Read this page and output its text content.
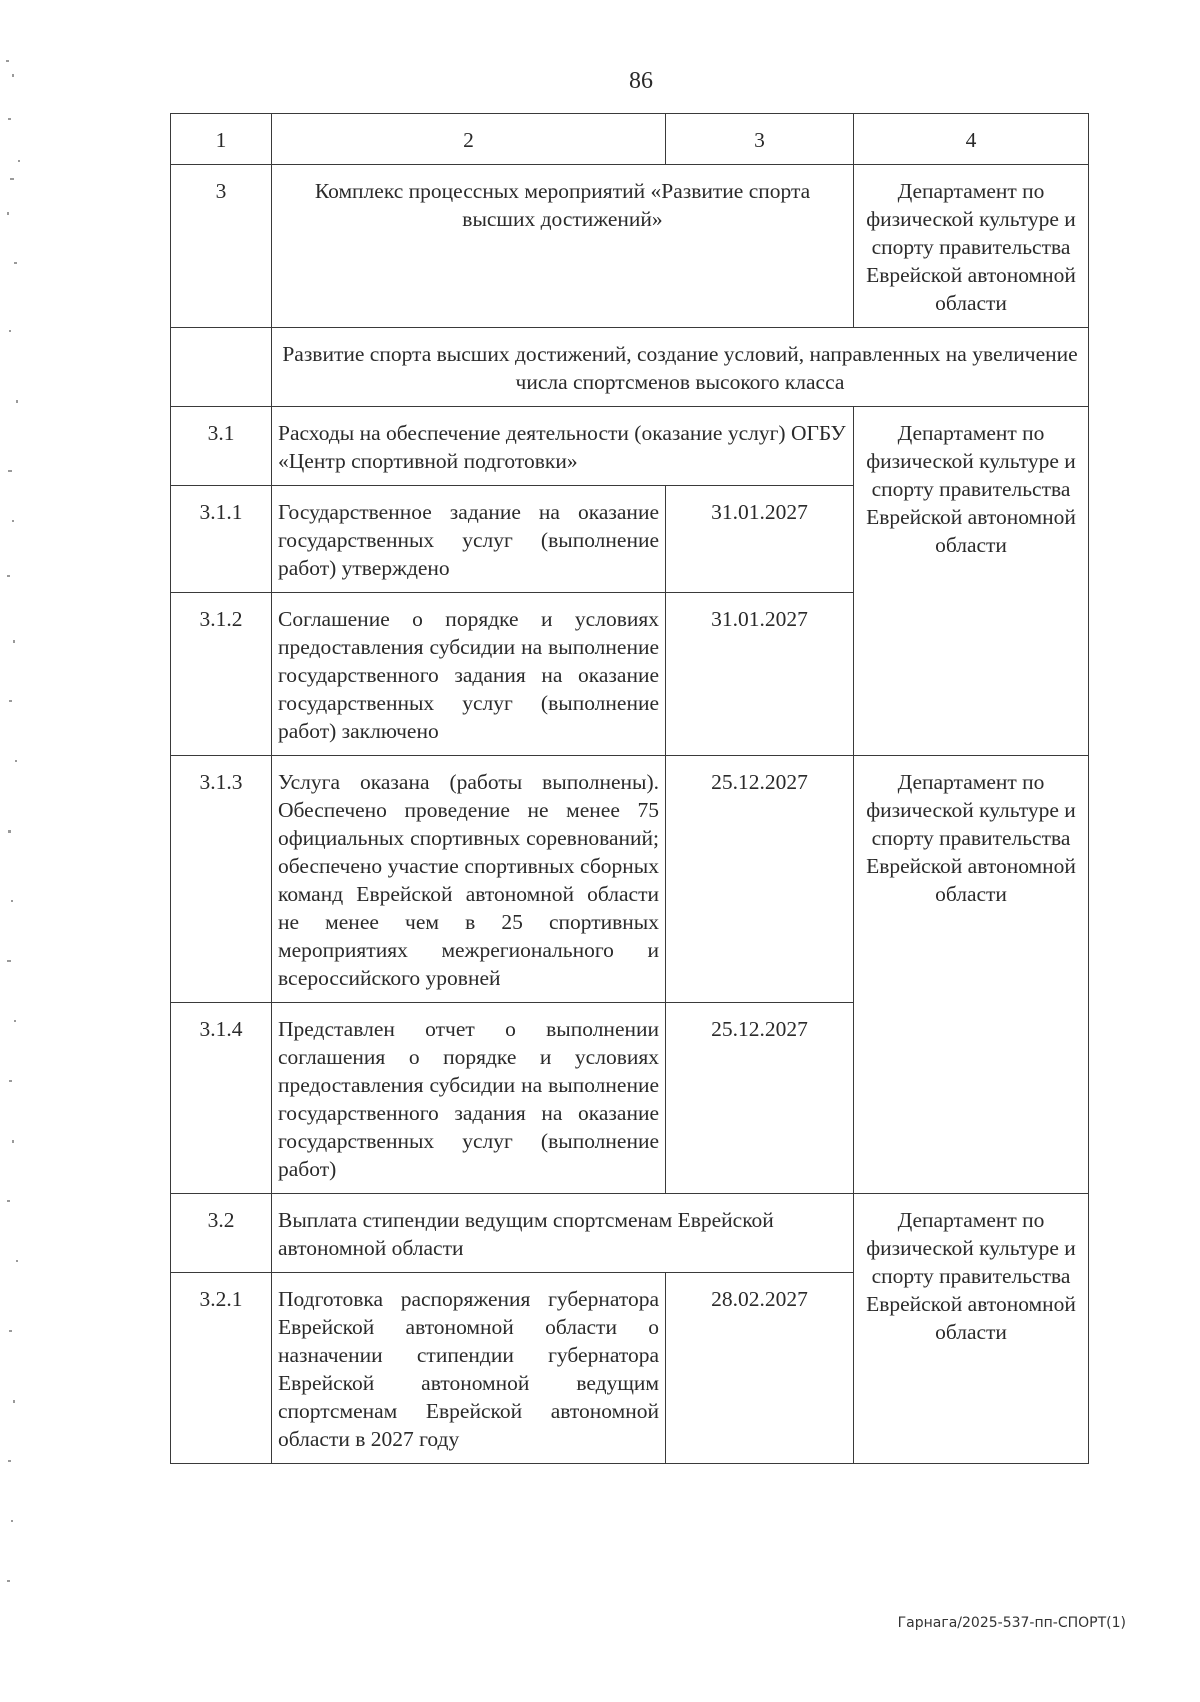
86
1	2	3	4
3	Комплекс процессных мероприятий «Развитие спорта высших достижений»		Департамент по физической культуре и спорту правительства Еврейской автономной области
	Развитие спорта высших достижений, создание условий, направленных на увеличение числа спортсменов высокого класса		
3.1	Расходы на обеспечение деятельности (оказание услуг) ОГБУ «Центр спортивной подготовки»		Департамент по физической культуре и спорту правительства Еврейской автономной области
3.1.1	Государственное задание на оказание государственных услуг (выполнение работ) утверждено	31.01.2027	
3.1.2	Соглашение о порядке и условиях предоставления субсидии на выполнение государственного задания на оказание государственных услуг (выполнение работ) заключено	31.01.2027	
3.1.3	Услуга оказана (работы выполнены). Обеспечено проведение не менее 75 официальных спортивных соревнований; обеспечено участие спортивных сборных команд Еврейской автономной области не менее чем в 25 спортивных мероприятиях межрегионального и всероссийского уровней	25.12.2027	Департамент по физической культуре и спорту правительства Еврейской автономной области
3.1.4	Представлен отчет о выполнении соглашения о порядке и условиях предоставления субсидии на выполнение государственного задания на оказание государственных услуг (выполнение работ)	25.12.2027	
3.2	Выплата стипендии ведущим спортсменам Еврейской автономной области		Департамент по физической культуре и спорту правительства Еврейской автономной области
3.2.1	Подготовка распоряжения губернатора Еврейской автономной области о назначении стипендии губернатора Еврейской автономной ведущим спортсменам Еврейской автономной области в 2027 году	28.02.2027	
Гарнага/2025-537-пп-СПОРТ(1)
